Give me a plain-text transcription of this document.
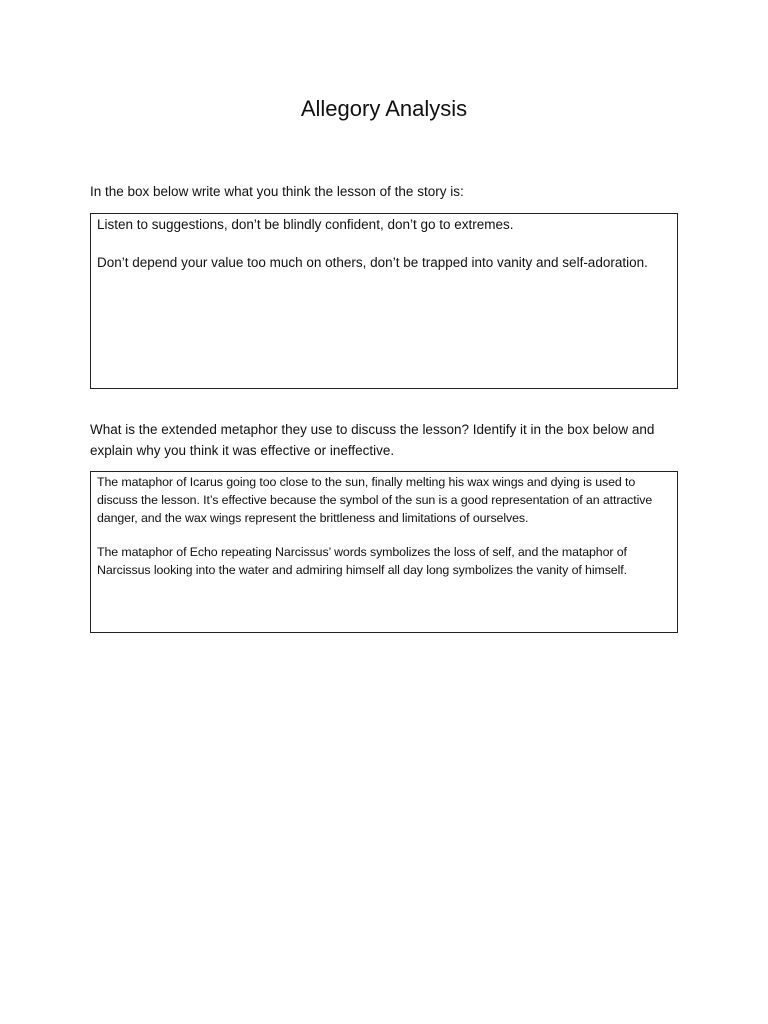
Allegory Analysis

In the box below write what you think the lesson of the story is:

Listen to suggestions, don’t be blindly confident, don’t go to extremes.

Don’t depend your value too much on others, don’t be trapped into vanity and self-adoration.

What is the extended metaphor they use to discuss the lesson? Identify it in the box below and explain why you think it was effective or ineffective.

The mataphor of Icarus going too close to the sun, finally melting his wax wings and dying is used to discuss the lesson. It’s effective because the symbol of the sun is a good representation of an attractive danger, and the wax wings represent the brittleness and limitations of ourselves.

The mataphor of Echo repeating Narcissus’ words symbolizes the loss of self, and the mataphor of Narcissus looking into the water and admiring himself all day long symbolizes the vanity of himself.
